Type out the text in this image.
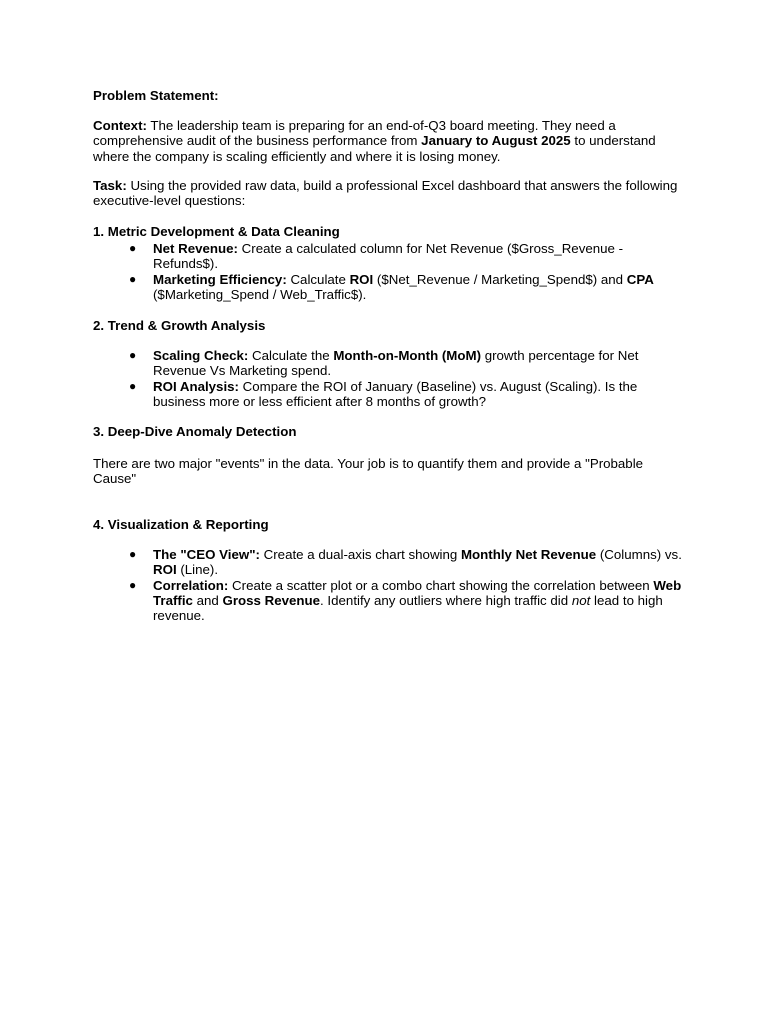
Problem Statement:
Context: The leadership team is preparing for an end-of-Q3 board meeting. They need a comprehensive audit of the business performance from January to August 2025 to understand where the company is scaling efficiently and where it is losing money.
Task: Using the provided raw data, build a professional Excel dashboard that answers the following executive-level questions:
1. Metric Development & Data Cleaning
● Net Revenue: Create a calculated column for Net Revenue ($Gross_Revenue - Refunds$).
● Marketing Efficiency: Calculate ROI ($Net_Revenue / Marketing_Spend$) and CPA ($Marketing_Spend / Web_Traffic$).
2. Trend & Growth Analysis
● Scaling Check: Calculate the Month-on-Month (MoM) growth percentage for Net Revenue Vs Marketing spend.
● ROI Analysis: Compare the ROI of January (Baseline) vs. August (Scaling). Is the business more or less efficient after 8 months of growth?
3. Deep-Dive Anomaly Detection
There are two major "events" in the data. Your job is to quantify them and provide a "Probable Cause"
4. Visualization & Reporting
● The "CEO View": Create a dual-axis chart showing Monthly Net Revenue (Columns) vs. ROI (Line).
● Correlation: Create a scatter plot or a combo chart showing the correlation between Web Traffic and Gross Revenue. Identify any outliers where high traffic did not lead to high revenue.
